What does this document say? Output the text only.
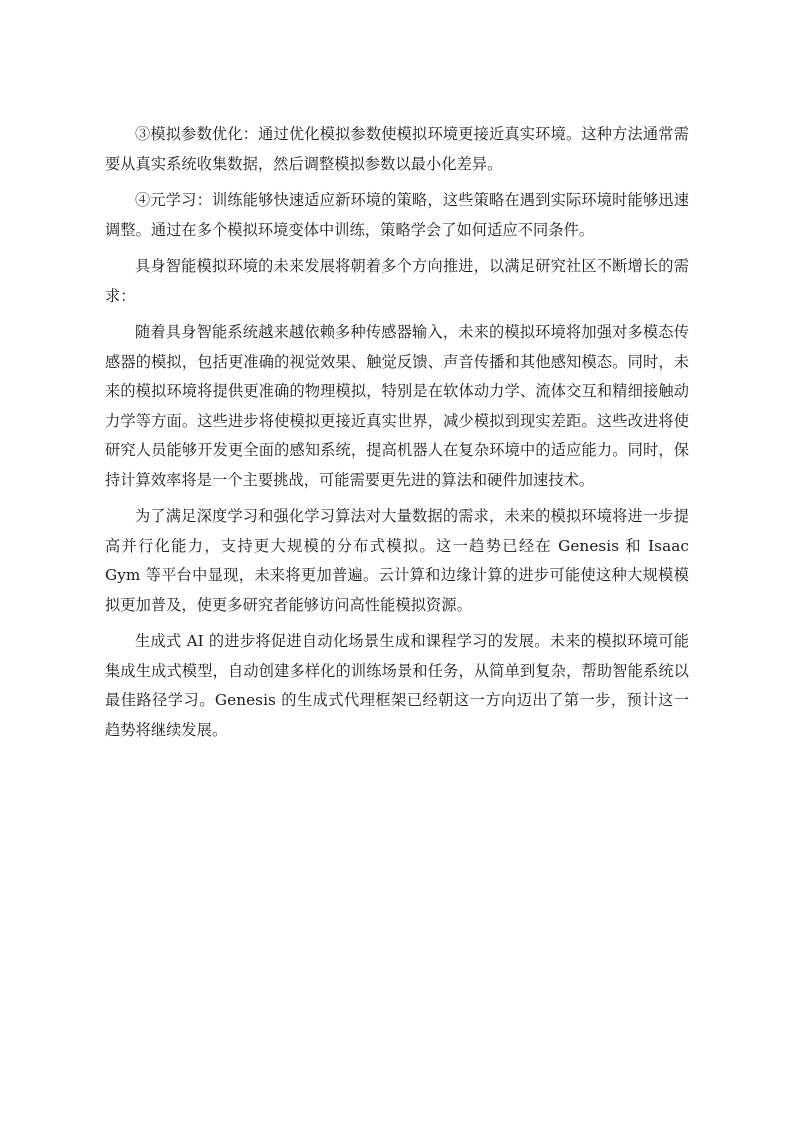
③模拟参数优化：通过优化模拟参数使模拟环境更接近真实环境。这种方法通常需要从真实系统收集数据，然后调整模拟参数以最小化差异。

④元学习：训练能够快速适应新环境的策略，这些策略在遇到实际环境时能够迅速调整。通过在多个模拟环境变体中训练，策略学会了如何适应不同条件。

具身智能模拟环境的未来发展将朝着多个方向推进，以满足研究社区不断增长的需求：

随着具身智能系统越来越依赖多种传感器输入，未来的模拟环境将加强对多模态传感器的模拟，包括更准确的视觉效果、触觉反馈、声音传播和其他感知模态。同时，未来的模拟环境将提供更准确的物理模拟，特别是在软体动力学、流体交互和精细接触动力学等方面。这些进步将使模拟更接近真实世界，减少模拟到现实差距。这些改进将使研究人员能够开发更全面的感知系统，提高机器人在复杂环境中的适应能力。同时，保持计算效率将是一个主要挑战，可能需要更先进的算法和硬件加速技术。

为了满足深度学习和强化学习算法对大量数据的需求，未来的模拟环境将进一步提高并行化能力，支持更大规模的分布式模拟。这一趋势已经在 Genesis 和 Isaac Gym 等平台中显现，未来将更加普遍。云计算和边缘计算的进步可能使这种大规模模拟更加普及，使更多研究者能够访问高性能模拟资源。

生成式 AI 的进步将促进自动化场景生成和课程学习的发展。未来的模拟环境可能集成生成式模型，自动创建多样化的训练场景和任务，从简单到复杂，帮助智能系统以最佳路径学习。Genesis 的生成式代理框架已经朝这一方向迈出了第一步，预计这一趋势将继续发展。
